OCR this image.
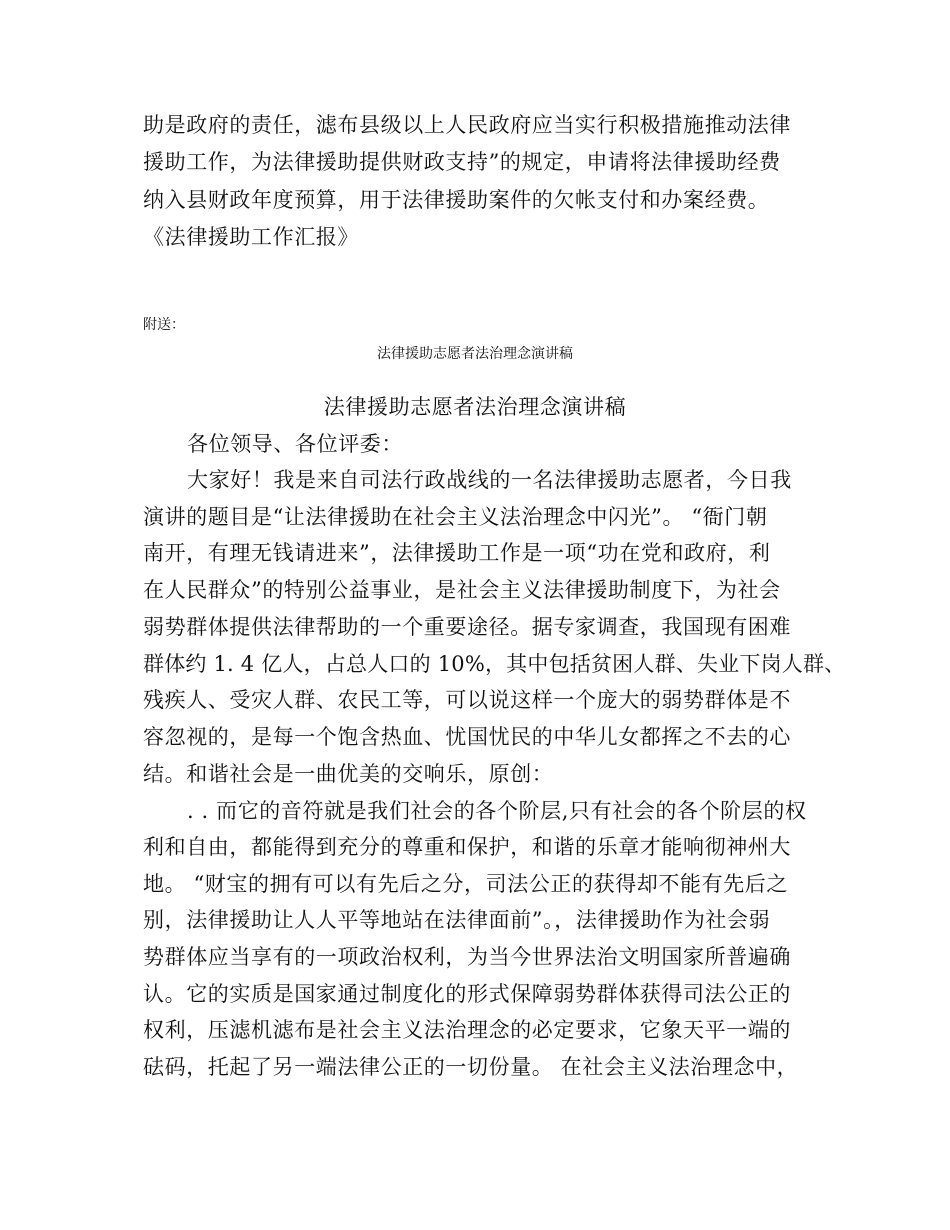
助是政府的责任，滤布县级以上人民政府应当实行积极措施推动法律
援助工作，为法律援助提供财政支持”的规定，申请将法律援助经费
纳入县财政年度预算，用于法律援助案件的欠帐支付和办案经费。
《法律援助工作汇报》
附送：
法律援助志愿者法治理念演讲稿
法律援助志愿者法治理念演讲稿
各位领导、各位评委：
大家好！我是来自司法行政战线的一名法律援助志愿者，今日我
演讲的题目是“让法律援助在社会主义法治理念中闪光”。 “衙门朝
南开，有理无钱请进来”，法律援助工作是一项“功在党和政府，利
在人民群众”的特别公益事业，是社会主义法律援助制度下，为社会
弱势群体提供法律帮助的一个重要途径。据专家调查，我国现有困难
群体约 1. 4 亿人，占总人口的 10%，其中包括贫困人群、失业下岗人群、
残疾人、受灾人群、农民工等，可以说这样一个庞大的弱势群体是不
容忽视的，是每一个饱含热血、忧国忧民的中华儿女都挥之不去的心
结。和谐社会是一曲优美的交响乐，原创：
. . 而它的音符就是我们社会的各个阶层,只有社会的各个阶层的权
利和自由，都能得到充分的尊重和保护，和谐的乐章才能响彻神州大
地。 “财宝的拥有可以有先后之分，司法公正的获得却不能有先后之
别，法律援助让人人平等地站在法律面前”。，法律援助作为社会弱
势群体应当享有的一项政治权利，为当今世界法治文明国家所普遍确
认。它的实质是国家通过制度化的形式保障弱势群体获得司法公正的
权利，压滤机滤布是社会主义法治理念的必定要求，它象天平一端的
砝码，托起了另一端法律公正的一切份量。 在社会主义法治理念中，
